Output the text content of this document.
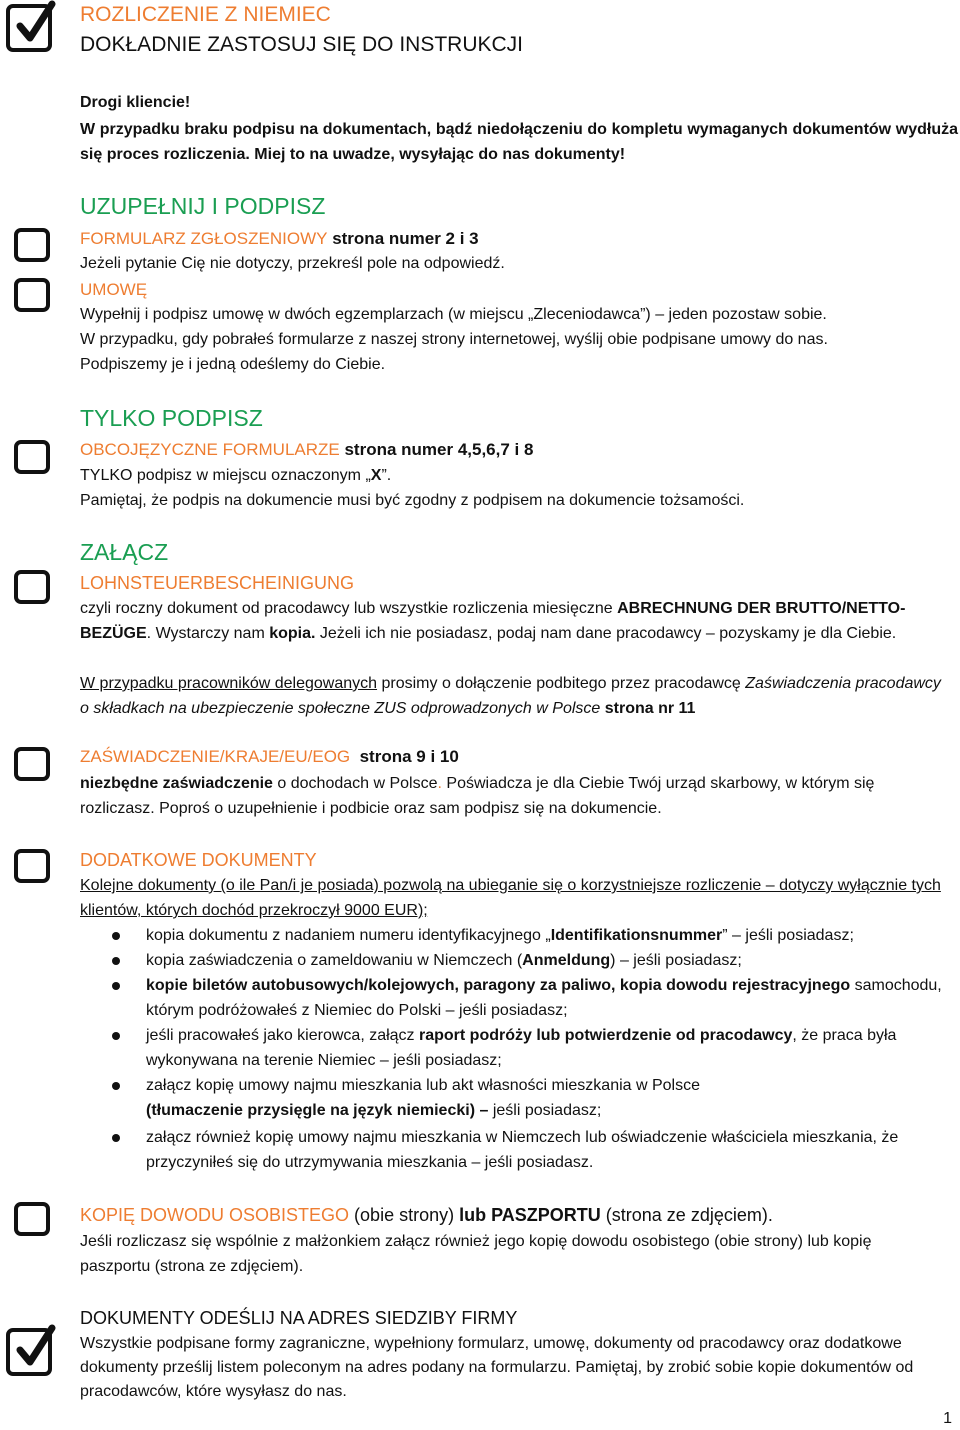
ROZLICZENIE Z NIEMIEC
DOKŁADNIE ZASTOSUJ SIĘ DO INSTRUKCJI
Drogi kliencie!
W przypadku braku podpisu na dokumentach, bądź niedołączeniu do kompletu wymaganych dokumentów wydłuża się proces rozliczenia. Miej to na uwadze, wysyłając do nas dokumenty!
UZUPEŁNIJ I PODPISZ
FORMULARZ ZGŁOSZENIOWY strona numer 2 i 3
Jeżeli pytanie Cię nie dotyczy, przekreśl pole na odpowiedź.
UMOWĘ
Wypełnij i podpisz umowę w dwóch egzemplarzach (w miejscu „Zleceniodawca”) – jeden pozostaw sobie.
W przypadku, gdy pobrałeś formularze z naszej strony internetowej, wyślij obie podpisane umowy do nas.
Podpiszemy je i jedną odeślemy do Ciebie.
TYLKO PODPISZ
OBCOJĘZYCZNE FORMULARZE strona numer 4,5,6,7 i 8
TYLKO podpisz w miejscu oznaczonym „X”.
Pamiętaj, że podpis na dokumencie musi być zgodny z podpisem na dokumencie tożsamości.
ZAŁĄCZ
LOHNSTEUERBESCHEINIGUNG
czyli roczny dokument od pracodawcy lub wszystkie rozliczenia miesięczne ABRECHNUNG DER BRUTTO/NETTO-BEZÜGE. Wystarczy nam kopia. Jeżeli ich nie posiadasz, podaj nam dane pracodawcy – pozyskamy je dla Ciebie.
W przypadku pracowników delegowanych prosimy o dołączenie podbitego przez pracodawcę Zaświadczenia pracodawcy o składkach na ubezpieczenie społeczne ZUS odprowadzonych w Polsce strona nr 11
ZAŚWIADCZENIE/KRAJE/EU/EOG  strona 9 i 10
niezbędne zaświadczenie o dochodach w Polsce. Poświadcza je dla Ciebie Twój urząd skarbowy, w którym się rozliczasz. Poproś o uzupełnienie i podbicie oraz sam podpisz się na dokumencie.
DODATKOWE DOKUMENTY
Kolejne dokumenty (o ile Pan/i je posiada) pozwolą na ubieganie się o korzystniejsze rozliczenie – dotyczy wyłącznie tych klientów, których dochód przekroczył 9000 EUR);
kopia dokumentu z nadaniem numeru identyfikacyjnego „Identifikationsnummer” – jeśli posiadasz;
kopia zaświadczenia o zameldowaniu w Niemczech (Anmeldung) – jeśli posiadasz;
kopie biletów autobusowych/kolejowych, paragony za paliwo, kopia dowodu rejestracyjnego samochodu, którym podróżowałeś z Niemiec do Polski – jeśli posiadasz;
jeśli pracowałeś jako kierowca, załącz raport podróży lub potwierdzenie od pracodawcy, że praca była wykonywana na terenie Niemiec – jeśli posiadasz;
załącz kopię umowy najmu mieszkania lub akt własności mieszkania w Polsce
(tłumaczenie przysięgle na język niemiecki) – jeśli posiadasz;
załącz również kopię umowy najmu mieszkania w Niemczech lub oświadczenie właściciela mieszkania, że przyczyniłeś się do utrzymywania mieszkania – jeśli posiadasz.
KOPIĘ DOWODU OSOBISTEGO (obie strony) lub PASZPORTU (strona ze zdjęciem).
Jeśli rozliczasz się wspólnie z małżonkiem załącz również jego kopię dowodu osobistego (obie strony) lub kopię paszportu (strona ze zdjęciem).
DOKUMENTY ODEŚLIJ NA ADRES SIEDZIBY FIRMY
Wszystkie podpisane formy zagraniczne, wypełniony formularz, umowę, dokumenty od pracodawcy oraz dodatkowe dokumenty prześlij listem poleconym na adres podany na formularzu. Pamiętaj, by zrobić sobie kopie dokumentów od pracodawców, które wysyłasz do nas.
1
